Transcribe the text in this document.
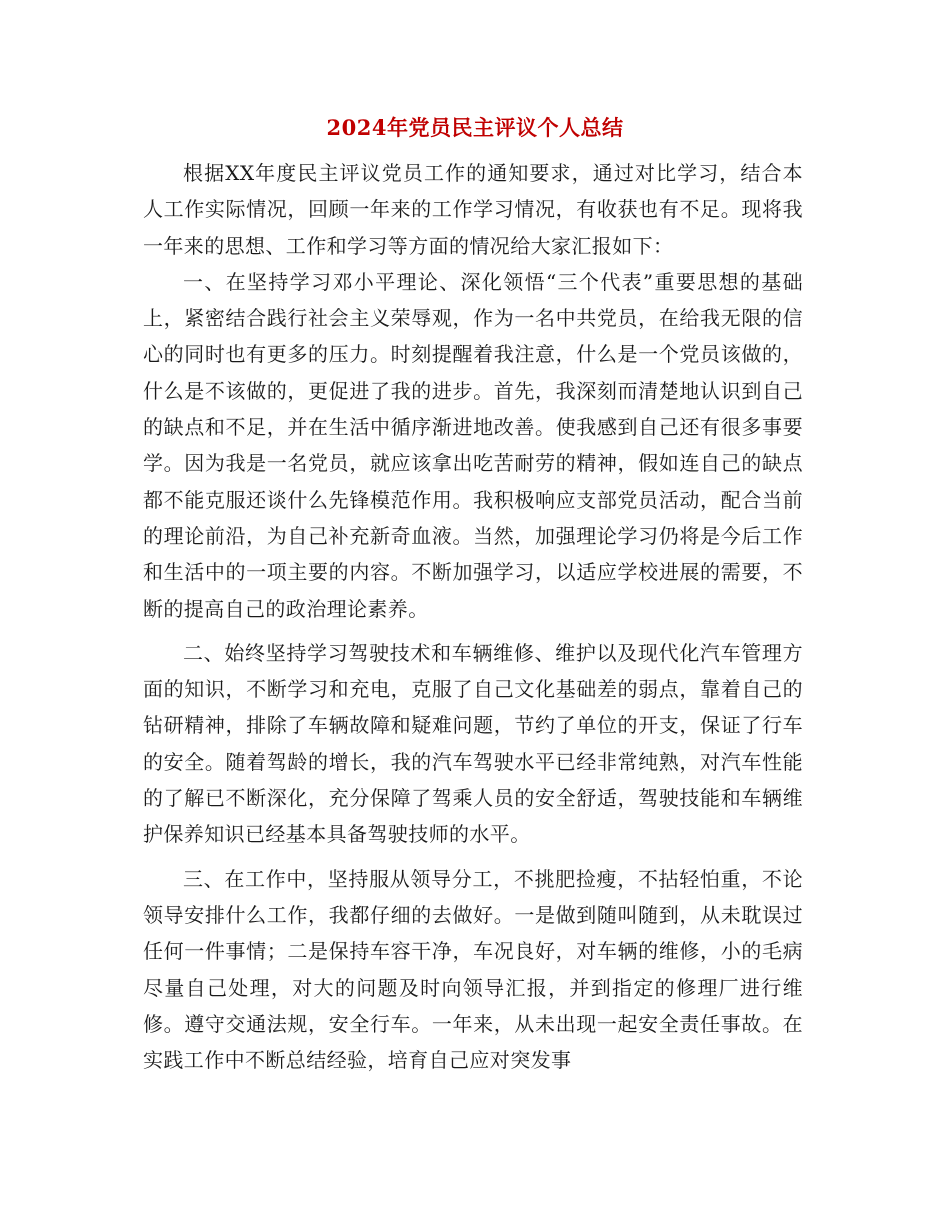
2024年党员民主评议个人总结

根据XX年度民主评议党员工作的通知要求，通过对比学习，结合本人工作实际情况，回顾一年来的工作学习情况，有收获也有不足。现将我一年来的思想、工作和学习等方面的情况给大家汇报如下：

一、在坚持学习邓小平理论、深化领悟“三个代表”重要思想的基础上，紧密结合践行社会主义荣辱观，作为一名中共党员，在给我无限的信心的同时也有更多的压力。时刻提醒着我注意，什么是一个党员该做的，什么是不该做的，更促进了我的进步。首先，我深刻而清楚地认识到自己的缺点和不足，并在生活中循序渐进地改善。使我感到自己还有很多事要学。因为我是一名党员，就应该拿出吃苦耐劳的精神，假如连自己的缺点都不能克服还谈什么先锋模范作用。我积极响应支部党员活动，配合当前的理论前沿，为自己补充新奇血液。当然，加强理论学习仍将是今后工作和生活中的一项主要的内容。不断加强学习，以适应学校进展的需要，不断的提高自己的政治理论素养。

二、始终坚持学习驾驶技术和车辆维修、维护以及现代化汽车管理方面的知识，不断学习和充电，克服了自己文化基础差的弱点，靠着自己的钻研精神，排除了车辆故障和疑难问题，节约了单位的开支，保证了行车的安全。随着驾龄的增长，我的汽车驾驶水平已经非常纯熟，对汽车性能的了解已不断深化，充分保障了驾乘人员的安全舒适，驾驶技能和车辆维护保养知识已经基本具备驾驶技师的水平。

三、在工作中，坚持服从领导分工，不挑肥捡瘦，不拈轻怕重，不论领导安排什么工作，我都仔细的去做好。一是做到随叫随到，从未耽误过任何一件事情；二是保持车容干净，车况良好，对车辆的维修，小的毛病尽量自己处理，对大的问题及时向领导汇报，并到指定的修理厂进行维修。遵守交通法规，安全行车。一年来，从未出现一起安全责任事故。在实践工作中不断总结经验，培育自己应对突发事
